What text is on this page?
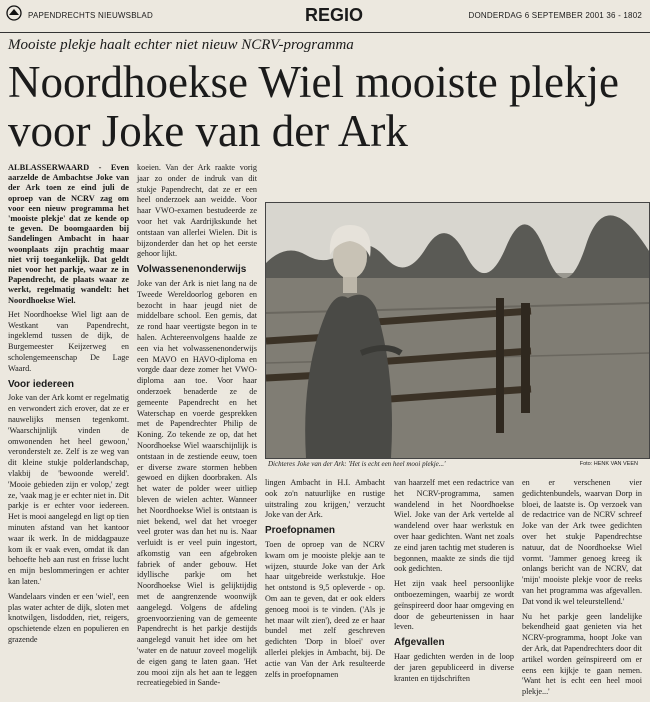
PAPENDRECHTS NIEUWSBLAD	REGIO	DONDERDAG 6 SEPTEMBER 2001 36 - 1802
Mooiste plekje haalt echter niet nieuw NCRV-programma
Noordhoekse Wiel mooiste plekje voor Joke van der Ark

ALBLASSERWAARD - Even aarzelde de Ambachtse Joke van der Ark toen ze eind juli de oproep van de NCRV zag om voor een nieuw programma het 'mooiste plekje' dat ze kende op te geven. De boomgaarden bij Sandelingen Ambacht in haar woonplaats zijn prachtig maar niet vrij toegankelijk. Dat geldt niet voor het parkje, waar ze in Papendrecht, de plaats waar ze werkt, regelmatig wandelt: het Noordhoekse Wiel.

Het Noordhoekse Wiel ligt aan de Westkant van Papendrecht, ingeklemd tussen de dijk, de Burgemeester Keijzerweg en scholengemeenschap De Lage Waard.

Voor iedereen

Joke van der Ark komt er regelmatig en verwondert zich erover, dat ze er nauwelijks mensen tegenkomt. 'Waarschijnlijk vinden de omwonenden het heel gewoon,' veronderstelt ze. Zelf is ze weg van dit kleine stukje polderlandschap, vlakbij de 'bewoonde wereld'. 'Mooie gebieden zijn er volop,' zegt ze, 'vaak mag je er echter niet in. Dit parkje is er echter voor iedereen. Het is mooi aangelegd en ligt op tien minuten afstand van het kantoor waar ik werk. In de middagpauze kom ik er vaak even, omdat ik dan behoefte heb aan rust en frisse lucht en mijn beslommeringen er achter kan laten.'

Wandelaars vinden er een 'wiel', een plas water achter de dijk, sloten met knotwilgen, lisdodden, riet, reigers, opschietende elzen en populieren en grazende

koeien. Van der Ark raakte vorig jaar zo onder de indruk van dit stukje Papendrecht, dat ze er een heel onderzoek aan weidde. Voor haar VWO-examen bestudeerde ze voor het vak Aardrijkskunde het ontstaan van allerlei Wielen. Dit is bijzonderder dan het op het eerste gehoor lijkt.

Volwassenenonderwijs

Joke van der Ark is niet lang na de Tweede Wereldoorlog geboren en bezocht in haar jeugd niet de middelbare school. Een gemis, dat ze rond haar veertigste begon in te halen. Achtereenvolgens haalde ze een via het volwassenenonderwijs een MAVO en HAVO-diploma en vorgde daar deze zomer het VWO-diploma aan toe. Voor haar onderzoek benaderde ze de gemeente Papendrecht en het Waterschap en voerde gesprekken met de Papendrechter Philip de Koning. Zo tekende ze op, dat het Noordhoekse Wiel waarschijnlijk is ontstaan in de zestiende eeuw, toen er diverse zware stormen hebben gewoed en dijken doorbraken. Als het water de polder weer uitliep bleven de wielen achter. Wanneer het Noordhoekse Wiel is ontstaan is niet bekend, wel dat het vroeger veel groter was dan het nu is. Naar verluidt is er veel puin ingestort, afkomstig van een afgebroken fabriek of ander gebouw. Het idyllische parkje om het Noordhoekse Wiel is gelijktijdig met de aangrenzende woonwijk aangelegd. Volgens de afdeling groenvoorziening van de gemeente Papendrecht is het parkje destijds aangelegd vanuit het idee om het 'water en de natuur zoveel mogelijk de eigen gang te laten gaan. 'Het zou mooi zijn als het aan te leggen recreatiegebied in Sande-

Dichteres Joke van der Ark: 'Het is echt een heel mooi plekje...'	Foto: HENK VAN VEEN

lingen Ambacht in H.I. Ambacht ook zo'n natuurlijke en rustige uitstraling zou krijgen,' verzucht Joke van der Ark.

Proefopnamen

Toen de oproep van de NCRV kwam om je mooiste plekje aan te wijzen, stuurde Joke van der Ark haar uitgebreide werkstukje. Hoe het ontstond is 9,5 opleverde - op. Om aan te geven, dat er ook elders genoeg mooi is te vinden. ('Als je het maar wilt zien'), deed ze er haar bundel met zelf geschreven gedichten 'Dorp in bloei' over allerlei plekjes in Ambacht, bij. De actie van Van der Ark resulteerde zelfs in proefopnamen

van haarzelf met een redactrice van het NCRV-programma, samen wandelend in het Noordhoekse Wiel. Joke van der Ark vertelde al wandelend over haar werkstuk en over haar gedichten. Want net zoals ze eind jaren tachtig met studeren is begonnen, maakte ze sinds die tijd ook gedichten.

Het zijn vaak heel persoonlijke ontboezemingen, waarbij ze wordt geïnspireerd door haar omgeving en door de gebeurtenissen in haar leven.

Afgevallen

Haar gedichten werden in de loop der jaren gepubliceerd in diverse kranten en tijdschriften

en er verschenen vier gedichtenbundels, waarvan Dorp in bloei, de laatste is. Op verzoek van de redactrice van de NCRV schreef Joke van der Ark twee gedichten over het stukje Papendrechtse natuur, dat de Noordhoekse Wiel vormt. 'Jammer genoeg kreeg ik onlangs bericht van de NCRV, dat 'mijn' mooiste plekje voor de reeks van het programma was afgevallen. Dat vond ik wel teleurstellend.'

Nu het parkje geen landelijke bekendheid gaat genieten via het NCRV-programma, hoopt Joke van der Ark, dat Papendrechters door dit artikel worden geïnspireerd om er eens een kijkje te gaan nemen. 'Want het is echt een heel mooi plekje...'
